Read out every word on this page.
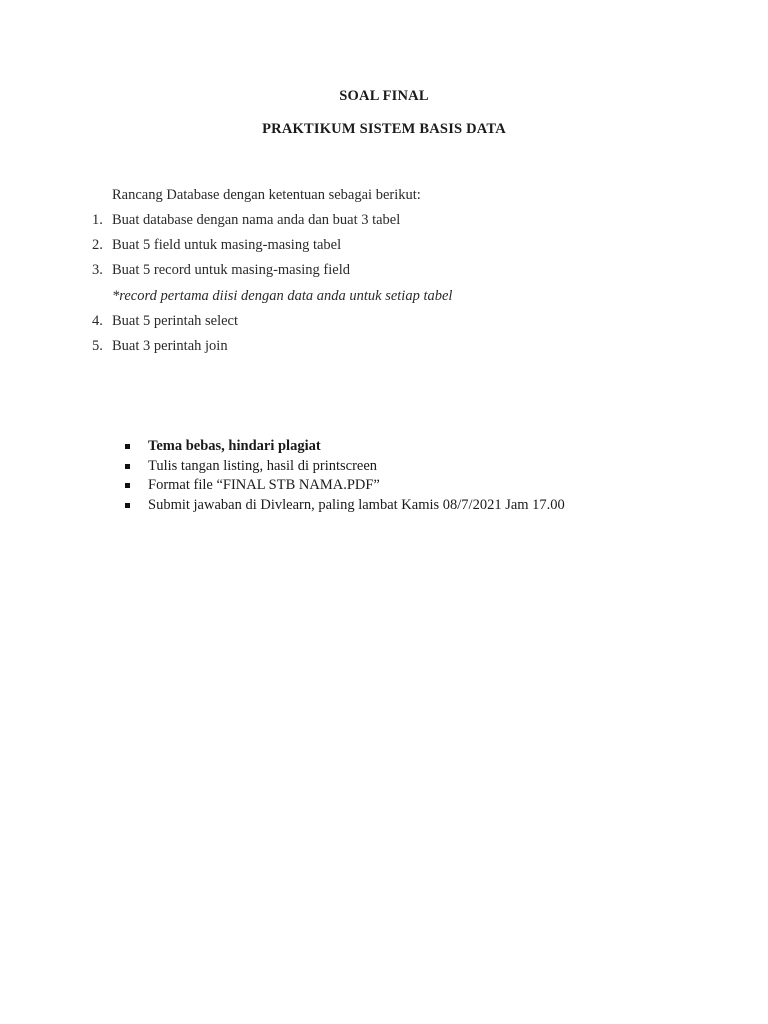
SOAL FINAL
PRAKTIKUM SISTEM BASIS DATA
Rancang Database dengan ketentuan sebagai berikut:
1. Buat database dengan nama anda dan buat 3 tabel
2. Buat 5 field untuk masing-masing tabel
3. Buat 5 record untuk masing-masing field
*record pertama diisi dengan data anda untuk setiap tabel
4. Buat 5 perintah select
5. Buat 3 perintah join
Tema bebas, hindari plagiat
Tulis tangan listing, hasil di printscreen
Format file “FINAL STB NAMA.PDF”
Submit jawaban di Divlearn, paling lambat Kamis 08/7/2021 Jam 17.00
